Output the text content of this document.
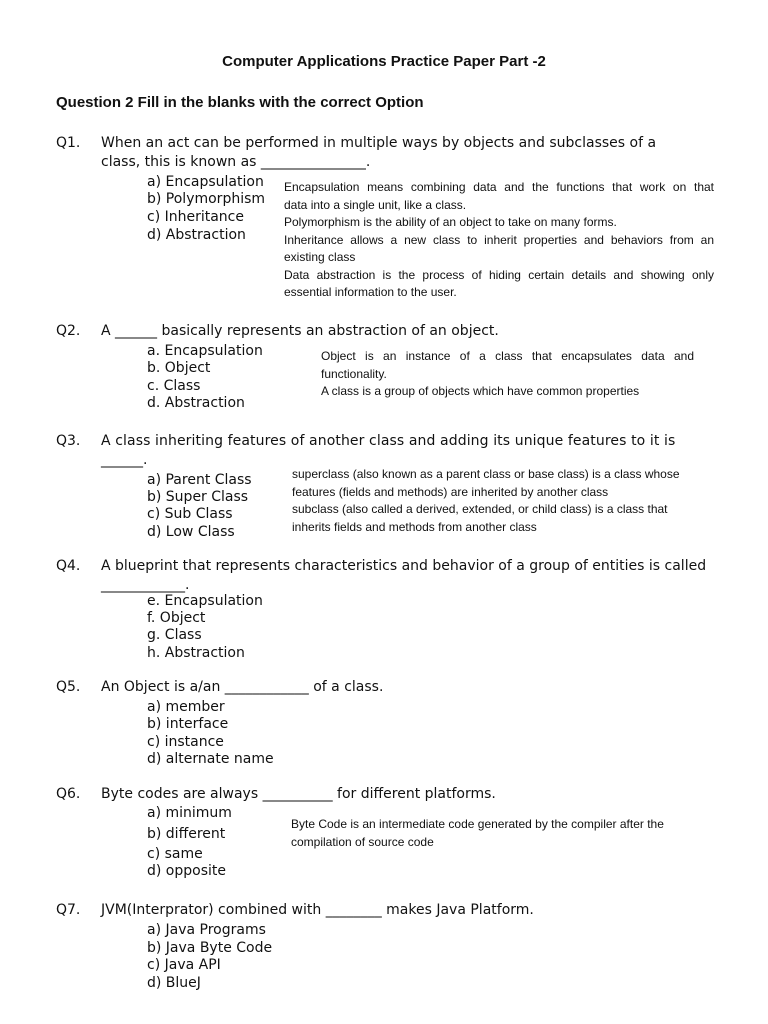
Computer Applications Practice Paper Part -2
Question 2 Fill in the blanks with the correct Option
Q1. When an act can be performed in multiple ways by objects and subclasses of a
class, this is known as _______________.
a) Encapsulation
b) Polymorphism
c) Inheritance
d) Abstraction

Encapsulation means combining data and the functions that work on that

data into a single unit, like a class.

Polymorphism is the ability of an object to take on many forms.

Inheritance allows a new class to inherit properties and behaviors from an

existing class

Data abstraction is the process of hiding certain details and showing only

essential information to the user.

Q2. A ______ basically represents an abstraction of an object.
a. Encapsulation
b. Object
c. Class
d. Abstraction

Object is an instance of a class that encapsulates data and

functionality.

A class is a group of objects which have common properties

Q3. A class inheriting features of another class and adding its unique features to it is
______.
a) Parent Class
b) Super Class
c) Sub Class
d) Low Class

superclass (also known as a parent class or base class) is a class whose

features (fields and methods) are inherited by another class

subclass (also called a derived, extended, or child class) is a class that

inherits fields and methods from another class

Q4. A blueprint that represents characteristics and behavior of a group of entities is called
____________.
e. Encapsulation
f. Object
g. Class
h. Abstraction
Q5. An Object is a/an ____________ of a class.
a) member
b) interface
c) instance
d) alternate name
Q6. Byte codes are always __________ for different platforms.
a) minimum
b) different
c) same
d) opposite

Byte Code is an intermediate code generated by the compiler after the

compilation of source code

Q7. JVM(Interprator) combined with ________ makes Java Platform.
a) Java Programs
b) Java Byte Code
c) Java API
d) BlueJ
